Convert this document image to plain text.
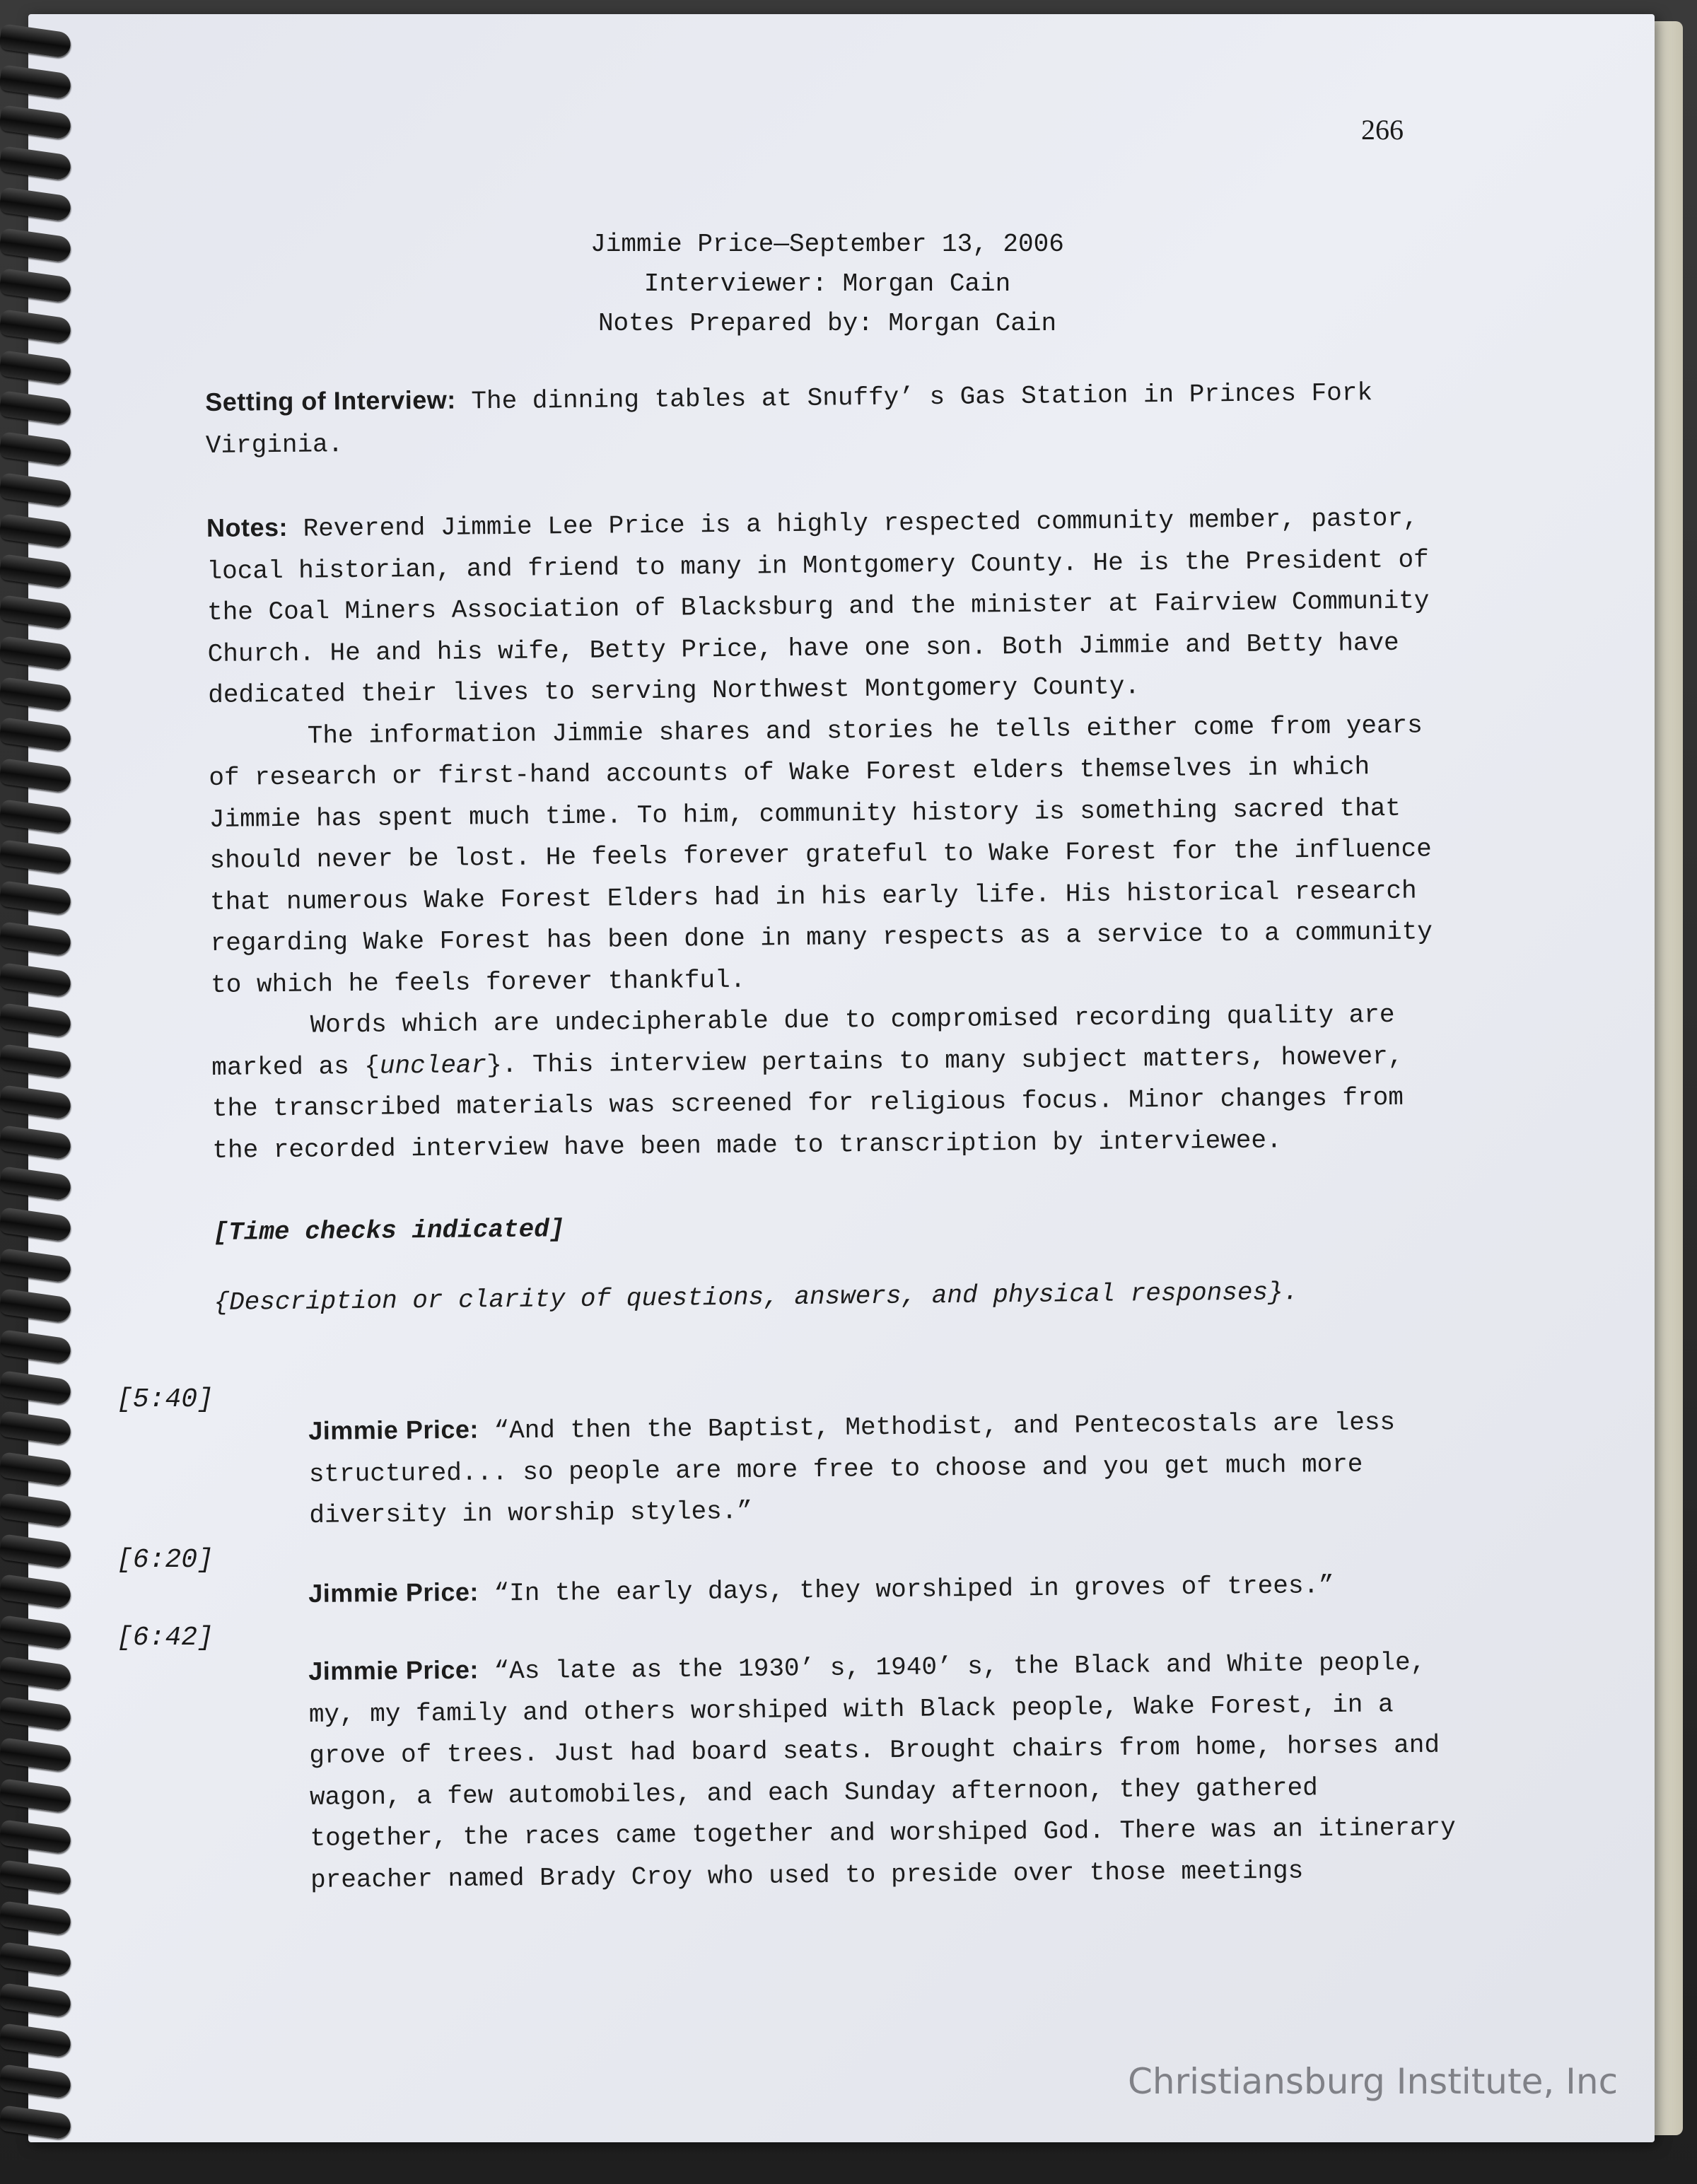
266
Jimmie Price—September 13, 2006
Interviewer: Morgan Cain
Notes Prepared by: Morgan Cain

Setting of Interview: The dinning tables at Snuffy’ s Gas Station in Princes Fork Virginia.

Notes: Reverend Jimmie Lee Price is a highly respected community member, pastor, local historian, and friend to many in Montgomery County. He is the President of the Coal Miners Association of Blacksburg and the minister at Fairview Community Church. He and his wife, Betty Price, have one son. Both Jimmie and Betty have dedicated their lives to serving Northwest Montgomery County.

The information Jimmie shares and stories he tells either come from years of research or first-hand accounts of Wake Forest elders themselves in which Jimmie has spent much time. To him, community history is something sacred that should never be lost. He feels forever grateful to Wake Forest for the influence that numerous Wake Forest Elders had in his early life. His historical research regarding Wake Forest has been done in many respects as a service to a community to which he feels forever thankful.

Words which are undecipherable due to compromised recording quality are marked as {unclear}. This interview pertains to many subject matters, however, the transcribed materials was screened for religious focus. Minor changes from the recorded interview have been made to transcription by interviewee.

[Time checks indicated]

{Description or clarity of questions, answers, and physical responses}.

[5:40]
Jimmie Price: “And then the Baptist, Methodist, and Pentecostals are less structured... so people are more free to choose and you get much more diversity in worship styles.”
[6:20]
Jimmie Price: “In the early days, they worshiped in groves of trees.”
[6:42]
Jimmie Price: “As late as the 1930’ s, 1940’ s, the Black and White people, my, my family and others worshiped with Black people, Wake Forest, in a grove of trees. Just had board seats. Brought chairs from home, horses and wagon, a few automobiles, and each Sunday afternoon, they gathered together, the races came together and worshiped God. There was an itinerary preacher named Brady Croy who used to preside over those meetings
Christiansburg Institute, Inc
